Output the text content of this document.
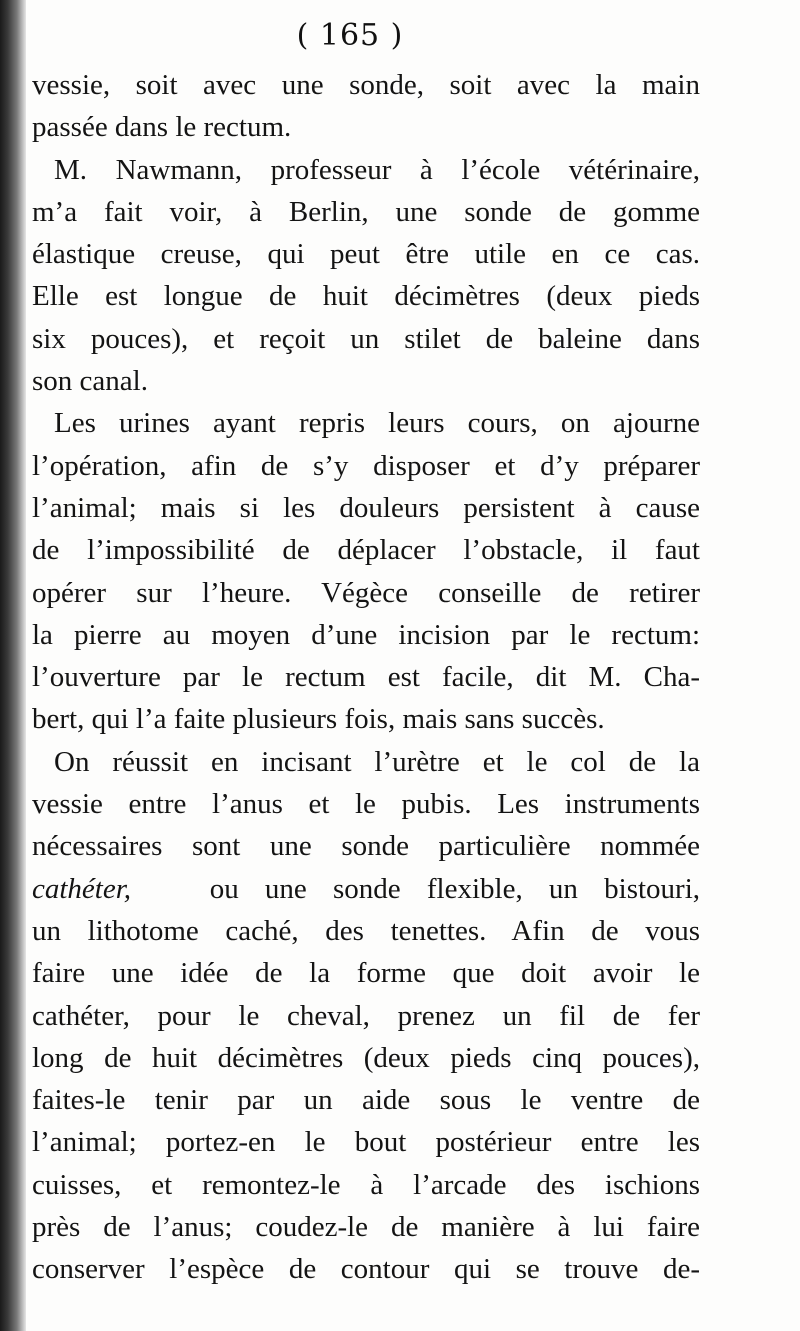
( 165 )
vessie, soit avec une sonde, soit avec la main
passée dans le rectum.
M. Nawmann, professeur à l’école vétérinaire,
m’a fait voir, à Berlin, une sonde de gomme
élastique creuse, qui peut être utile en ce cas.
Elle est longue de huit décimètres (deux pieds
six pouces), et reçoit un stilet de baleine dans
son canal.
Les urines ayant repris leurs cours, on ajourne
l’opération, afin de s’y disposer et d’y préparer
l’animal; mais si les douleurs persistent à cause
de l’impossibilité de déplacer l’obstacle, il faut
opérer sur l’heure. Végèce conseille de retirer
la pierre au moyen d’une incision par le rectum:
l’ouverture par le rectum est facile, dit M. Cha-
bert, qui l’a faite plusieurs fois, mais sans succès.
On réussit en incisant l’urètre et le col de la
vessie entre l’anus et le pubis. Les instruments
nécessaires sont une sonde particulière nommée
cathéter,	ou une sonde flexible, un bistouri,
un lithotome caché, des tenettes. Afin de vous
faire une idée de la forme que doit avoir le
cathéter, pour le cheval, prenez un fil de fer
long de huit décimètres (deux pieds cinq pouces),
faites-le tenir par un aide sous le ventre de
l’animal; portez-en le bout postérieur entre les
cuisses, et remontez-le à l’arcade des ischions
près de l’anus; coudez-le de manière à lui faire
conserver l’espèce de contour qui se trouve de-
